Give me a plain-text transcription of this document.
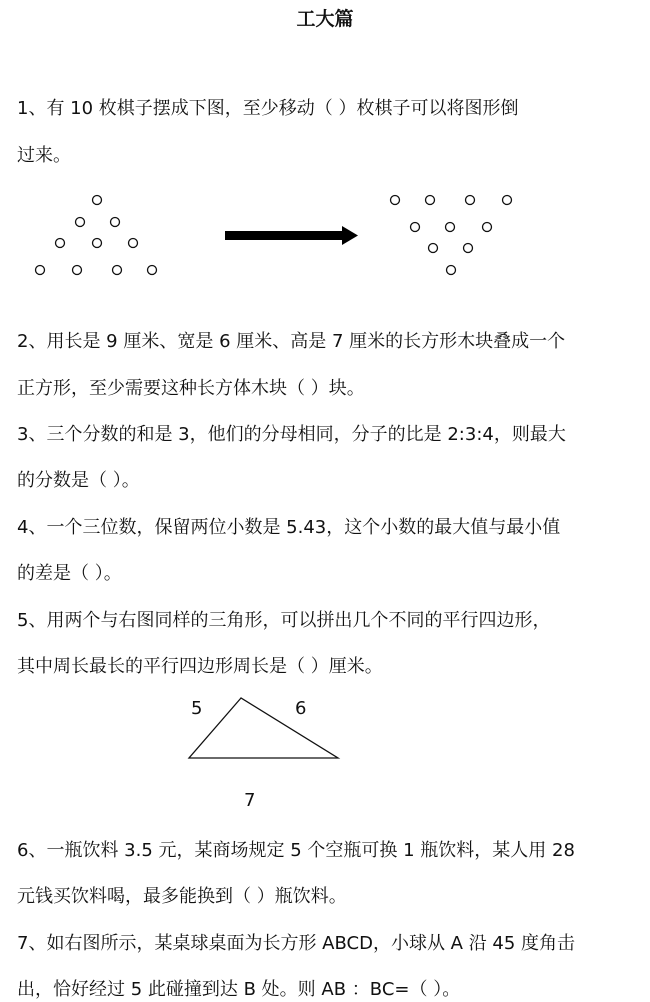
工大篇
1、有 10 枚棋子摆成下图，至少移动（ ）枚棋子可以将图形倒
过来。
2、用长是 9 厘米、宽是 6 厘米、高是 7 厘米的长方形木块叠成一个
正方形，至少需要这种长方体木块（ ）块。
3、三个分数的和是 3，他们的分母相同，分子的比是 2:3:4，则最大
的分数是（ ）。
4、一个三位数，保留两位小数是 5.43，这个小数的最大值与最小值
的差是（ ）。
5、用两个与右图同样的三角形，可以拼出几个不同的平行四边形，
其中周长最长的平行四边形周长是（ ）厘米。
6、一瓶饮料 3.5 元，某商场规定 5 个空瓶可换 1 瓶饮料，某人用 28
元钱买饮料喝，最多能换到（ ）瓶饮料。
7、如右图所示，某桌球桌面为长方形 ABCD，小球从 A 沿 45 度角击
出，恰好经过 5 此碰撞到达 B 处。则 AB ：BC=（ ）。
5	6
7
